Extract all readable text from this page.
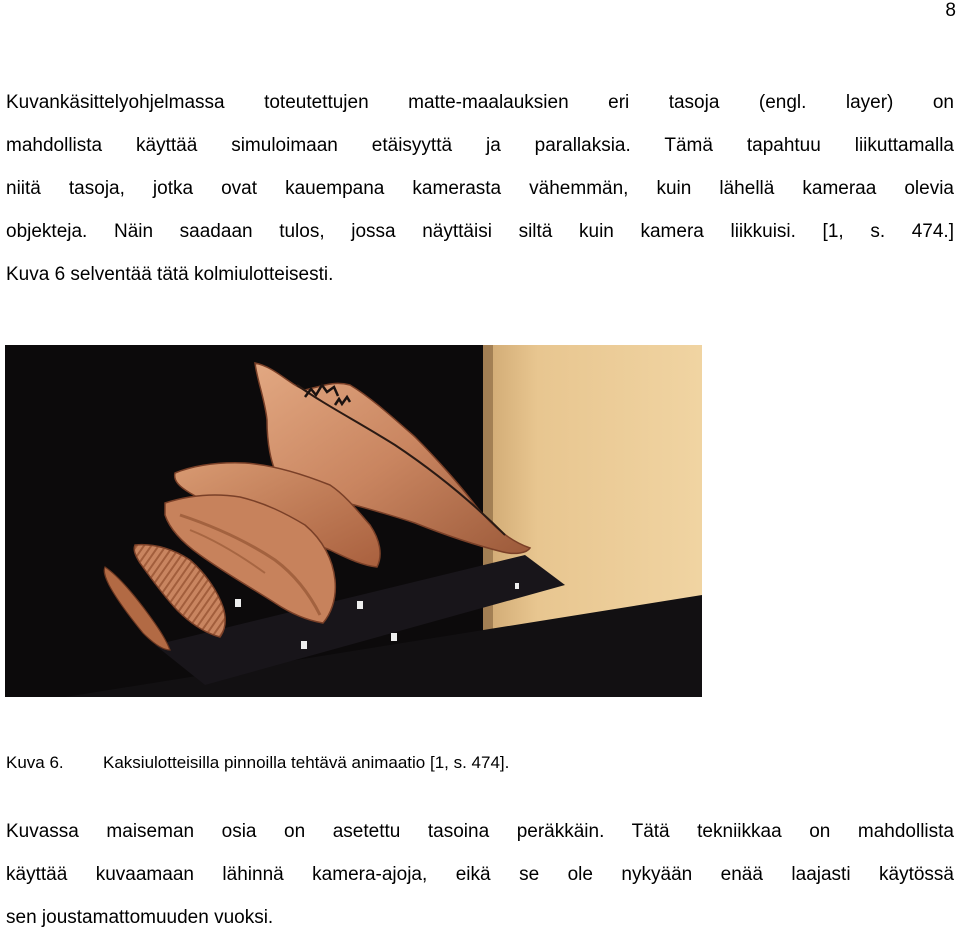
8
Kuvankäsittelyohjelmassa toteutettujen matte-maalauksien eri tasoja (engl. layer) on
mahdollista käyttää simuloimaan etäisyyttä ja parallaksia. Tämä tapahtuu liikuttamalla
niitä tasoja, jotka ovat kauempana kamerasta vähemmän, kuin lähellä kameraa olevia
objekteja. Näin saadaan tulos, jossa näyttäisi siltä kuin kamera liikkuisi. [1, s. 474.]
Kuva 6 selventää tätä kolmiulotteisesti.
Kuva 6. Kaksiulotteisilla pinnoilla tehtävä animaatio [1, s. 474].
Kuvassa maiseman osia on asetettu tasoina peräkkäin. Tätä tekniikkaa on mahdollista
käyttää kuvaamaan lähinnä kamera-ajoja, eikä se ole nykyään enää laajasti käytössä
sen joustamattomuuden vuoksi.
